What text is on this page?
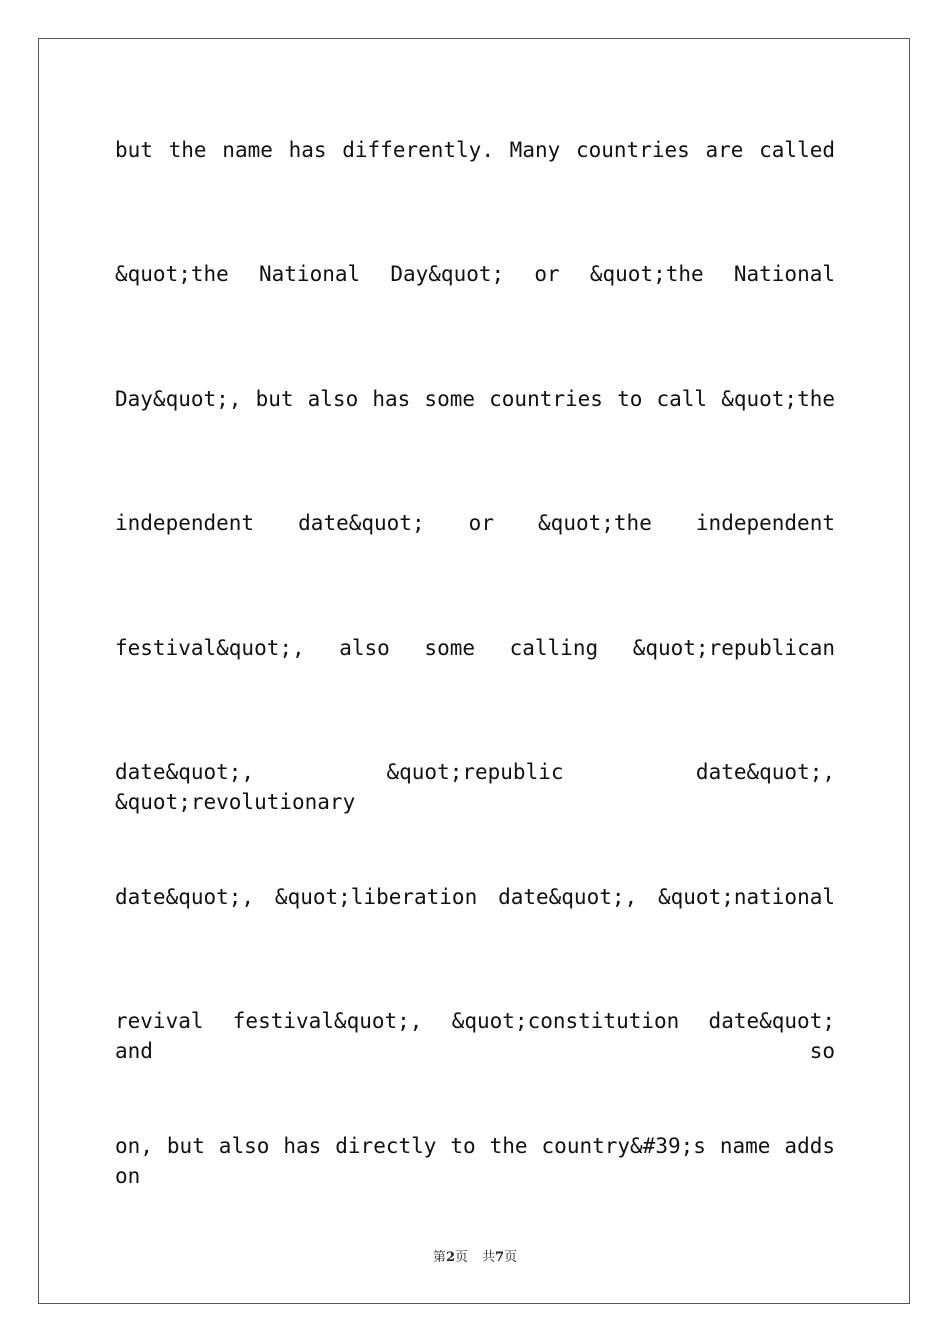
but the name has differently. Many countries are called
&quot;the National Day&quot; or &quot;the National
Day&quot;, but also has some countries to call &quot;the
independent date&quot; or &quot;the independent
festival&quot;, also some calling &quot;republican
date&quot;, &quot;republic date&quot;, &quot;revolutionary
date&quot;, &quot;liberation date&quot;, &quot;national
revival festival&quot;, &quot;constitution date&quot; and so
on, but also has directly to the country&#39;s name adds on
第2页 共7页
